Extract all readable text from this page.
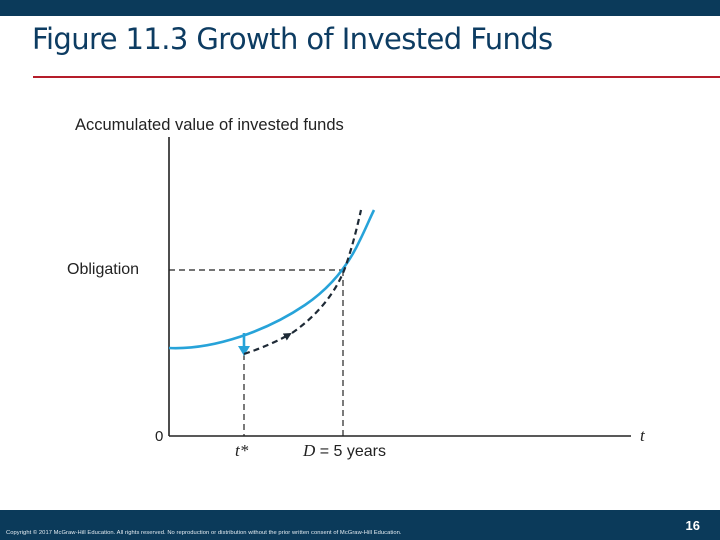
Figure 11.3 Growth of Invested Funds
Accumulated value of invested funds
Obligation
0	t
t*	D = 5 years
Copyright © 2017 McGraw-Hill Education. All rights reserved. No reproduction or distribution without the prior written consent of McGraw-Hill Education.	16
